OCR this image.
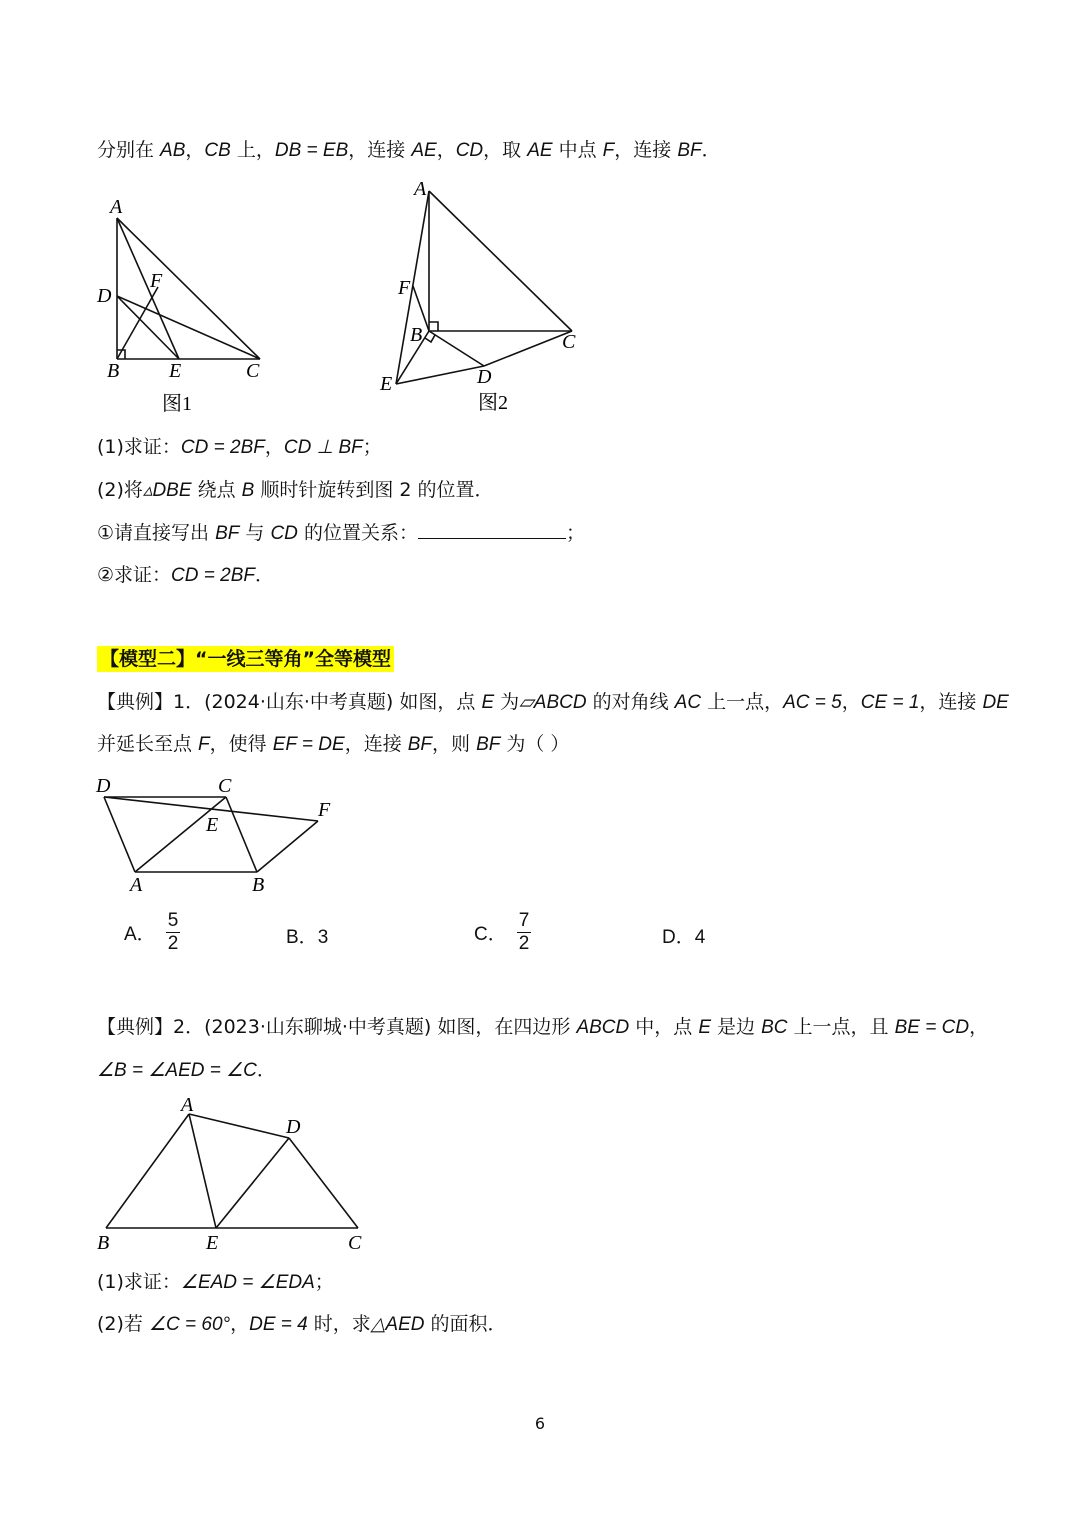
分别在 AB，CB 上，DB = EB，连接 AE，CD，取 AE 中点 F，连接 BF．
A
D
F
B E	C
图1
A
F
B	C
E	D
图2
(1)求证：CD = 2BF，CD ⊥ BF；
(2)将▵DBE 绕点 B 顺时针旋转到图 2 的位置．
①请直接写出 BF 与 CD 的位置关系：	；
②求证：CD = 2BF．
【模型二】“一线三等角”全等模型
【典例】1．(2024·山东·中考真题) 如图，点 E 为▱ABCD 的对角线 AC 上一点，AC = 5，CE = 1，连接 DE
并延长至点 F，使得 EF = DE，连接 BF，则 BF 为（ ）
D	C
E
F
A	B
A． $\frac{5}{2}$	B．3	C． $\frac{7}{2}$	D．4
【典例】2．(2023·山东聊城·中考真题) 如图，在四边形 ABCD 中，点 E 是边 BC 上一点，且 BE = CD，
∠B = ∠AED = ∠C．
A
D
B	E	C
(1)求证：∠EAD = ∠EDA；
(2)若 ∠C = 60°，DE = 4 时，求△AED 的面积．
6
